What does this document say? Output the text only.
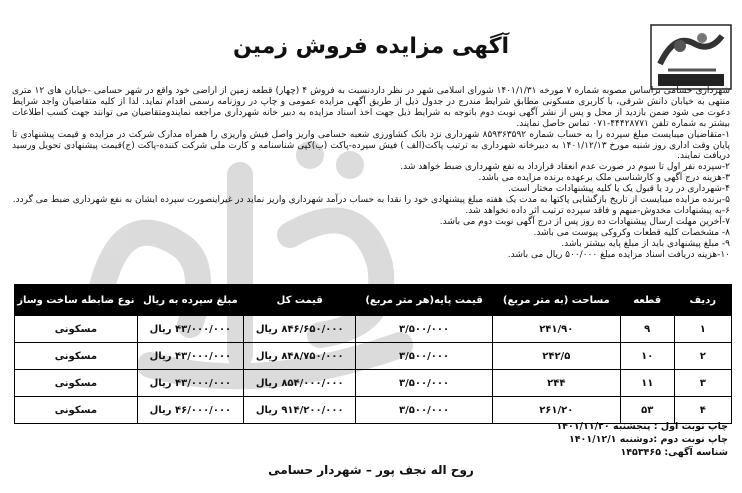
آگهی مزایده فروش زمین

شهرداری حسامی براساس مصوبه شماره ۷ مورخه ۱۴۰۱/۱/۳۱ شورای اسلامی شهر در نظر داردنسبت به فروش ۴ (چهار) قطعه زمین از اراضی خود واقع در شهر حسامی -خیابان های ۱۲ متری منتهی به خیابان دانش شرقی، با کاربری مسکونی مطابق شرایط مندرج در جدول ذیل از طریق آگهی مزایده عمومی و چاپ در روزنامه رسمی اقدام نماید. لذا از کلیه متقاضیان واجد شرایط دعوت می شود ضمن بازدید از محل و پس از نشر آگهی نوبت دوم باتوجه به شرایط ذیل جهت اخذ اسناد مزایده به دبیر خانه شهرداری مراجعه نمایندومتقاضیان می توانند جهت کسب اطلاعات بیشتر به شماره تلفن ۴۴۴۲۸۷۷۱-۰۷۱ تماس حاصل نمایند.

۱-متقاضیان میبایست مبلغ سپرده را به حساب شماره ۸۵۹۳۶۳۵۹۲ شهرداری نزد بانک کشاورزی شعبه حسامی واریز واصل فیش واریزی را همراه مدارک شرکت در مزایده و قیمت پیشنهادی تا پایان وقت اداری روز شنبه مورخ ۱۴۰۱/۱۲/۱۳ به دبیرخانه شهرداری به ترتیب پاکت(الف ) فیش سپرده-پاکت (ب)کپی شناسنامه و کارت ملی شرکت کننده-پاکت (ج)قیمت پیشنهادی تحویل ورسید دریافت نمایند.
۲-سپرده نفر اول تا سوم در صورت عدم انعقاد قرارداد به نفع شهرداری ضبط خواهد شد.
۳-هزینه درج آگهی و کارشناسی ملک برعهده برنده مزایده می باشد.
۴-شهرداری در رد یا قبول یک یا کلیه پیشنهادات مختار است.
۵-برنده مزایده میبایست از تاریخ بازگشایی پاکتها به مدت یک هفته مبلغ پیشنهادی خود را نقدا به حساب درآمد شهرداری واریز نماید در غیراینصورت سپرده ایشان به نفع شهرداری ضبط می گردد.
۶-به پیشنهادات مخدوش-مبهم و فاقد سپرده ترتیب اثر داده نخواهد شد.
۷-آخرین مهلت ارسال پیشنهادات ده روز پس از درج آگهی نوبت دوم می باشد.
۸- مشخصات کلیه قطعات وکروکی پیوست می باشد.
۹- مبلغ پیشنهادی باید از مبلغ پایه بیشتر باشد.
۱۰-هزینه دریافت اسناد مزایده مبلغ ۵۰۰/۰۰۰ ریال می باشد.
ردیف	قطعه	مساحت (به متر مربع)	قیمت پایه(هر متر مربع)	قیمت کل	مبلغ سپرده به ریال	نوع ضابطه ساخت وساز
۱	۹	۲۴۱/۹۰	۳/۵۰۰/۰۰۰	۸۴۶/۶۵۰/۰۰۰ ریال	۴۳/۰۰۰/۰۰۰ ریال	مسکونی
۲	۱۰	۲۴۲/۵	۳/۵۰۰/۰۰۰	۸۴۸/۷۵۰/۰۰۰ ریال	۴۳/۰۰۰/۰۰۰ ریال	مسکونی
۳	۱۱	۲۴۴	۳/۵۰۰/۰۰۰	۸۵۴/۰۰۰/۰۰۰ ریال	۴۳/۰۰۰/۰۰۰ ریال	مسکونی
۴	۵۳	۲۶۱/۲۰	۳/۵۰۰/۰۰۰	۹۱۴/۲۰۰/۰۰۰ ریال	۴۶/۰۰۰/۰۰۰ ریال	مسکونی
چاپ نوبت اول : پنجشنبه ۱۴۰۱/۱۱/۲۰
چاپ نوبت دوم :دوشنبه ۱۴۰۱/۱۲/۱
شناسه آگهی: ۱۴۵۳۴۶۵
روح اله نجف پور – شهردار حسامی
